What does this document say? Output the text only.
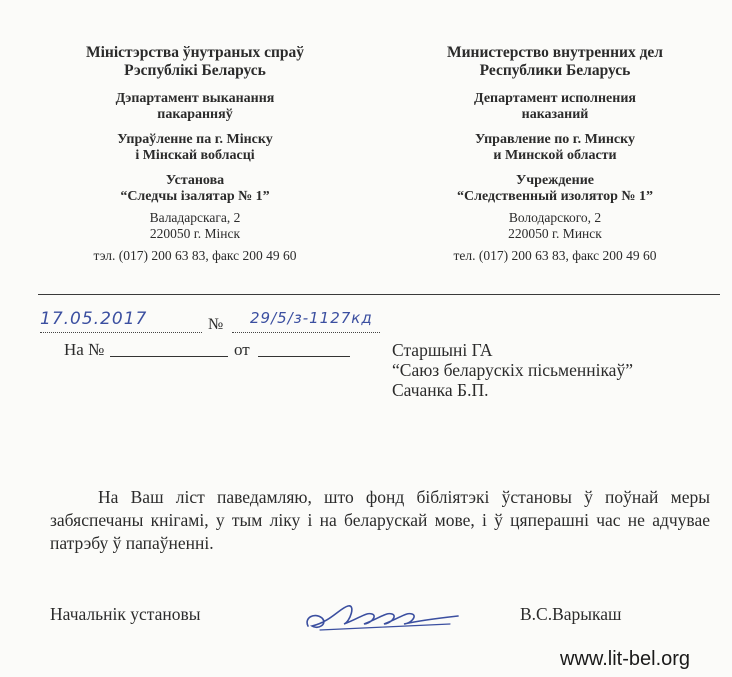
Міністэрства ўнутраных спраў
Рэспублікі Беларусь
Дэпартамент выканання
пакаранняў
Упраўленне па г. Мінску
і Мінскай вобласці
Установа
“Следчы ізалятар № 1”
Валадарскага, 2
220050 г. Мінск
тэл. (017) 200 63 83, факс 200 49 60
Министерство внутренних дел
Республики Беларусь
Департамент исполнения
наказаний
Управление по г. Минску
и Минской области
Учреждение
“Следственный изолятор № 1”
Володарского, 2
220050 г. Минск
тел. (017) 200 63 83, факс 200 49 60
17.05.2017	№ 29/5/з-1127кд
На №	от	Старшыні ГА
“Саюз беларускіх пісьменнікаў”
Сачанка Б.П.
На Ваш ліст паведамляю, што фонд бібліятэкі ўстановы ў поўнай меры забяспечаны кнігамі, у тым ліку і на беларускай мове, і ў цяперашні час не адчувае патрэбу ў папаўненні.
Начальнік установы	В.С.Варыкаш
www.lit-bel.org
